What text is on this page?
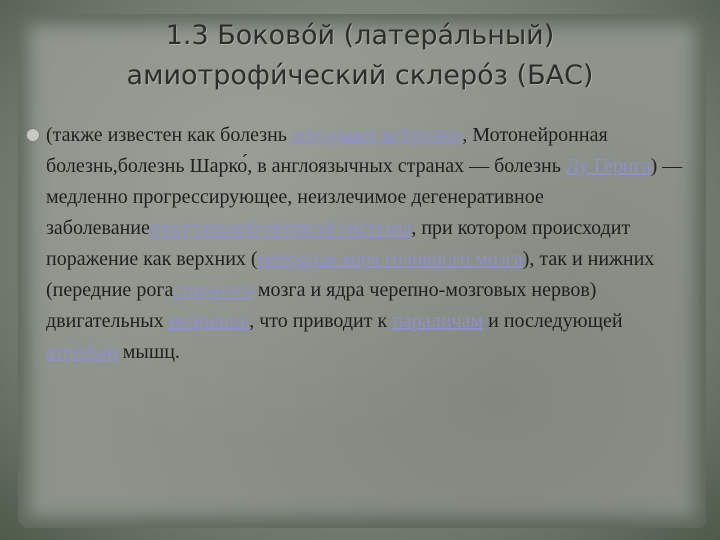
1.3 Боково́й (латера́льный)
амиотрофи́ческий склеро́з (БАС)
(также известен как болезнь моторных нейронов, Мотонейронная болезнь,болезнь Шарко́, в англоязычных странах — болезнь Лу Ге́рига) — медленно прогрессирующее, неизлечимое дегенеративное заболеваниецентральной нервной системы, при котором происходит поражение как верхних (моторная кора головного мозга), так и нижних (передние рогаспинного мозга и ядра черепно-мозговых нервов) двигательных нейронов, что приводит к параличам и последующей атрофии мышц.
